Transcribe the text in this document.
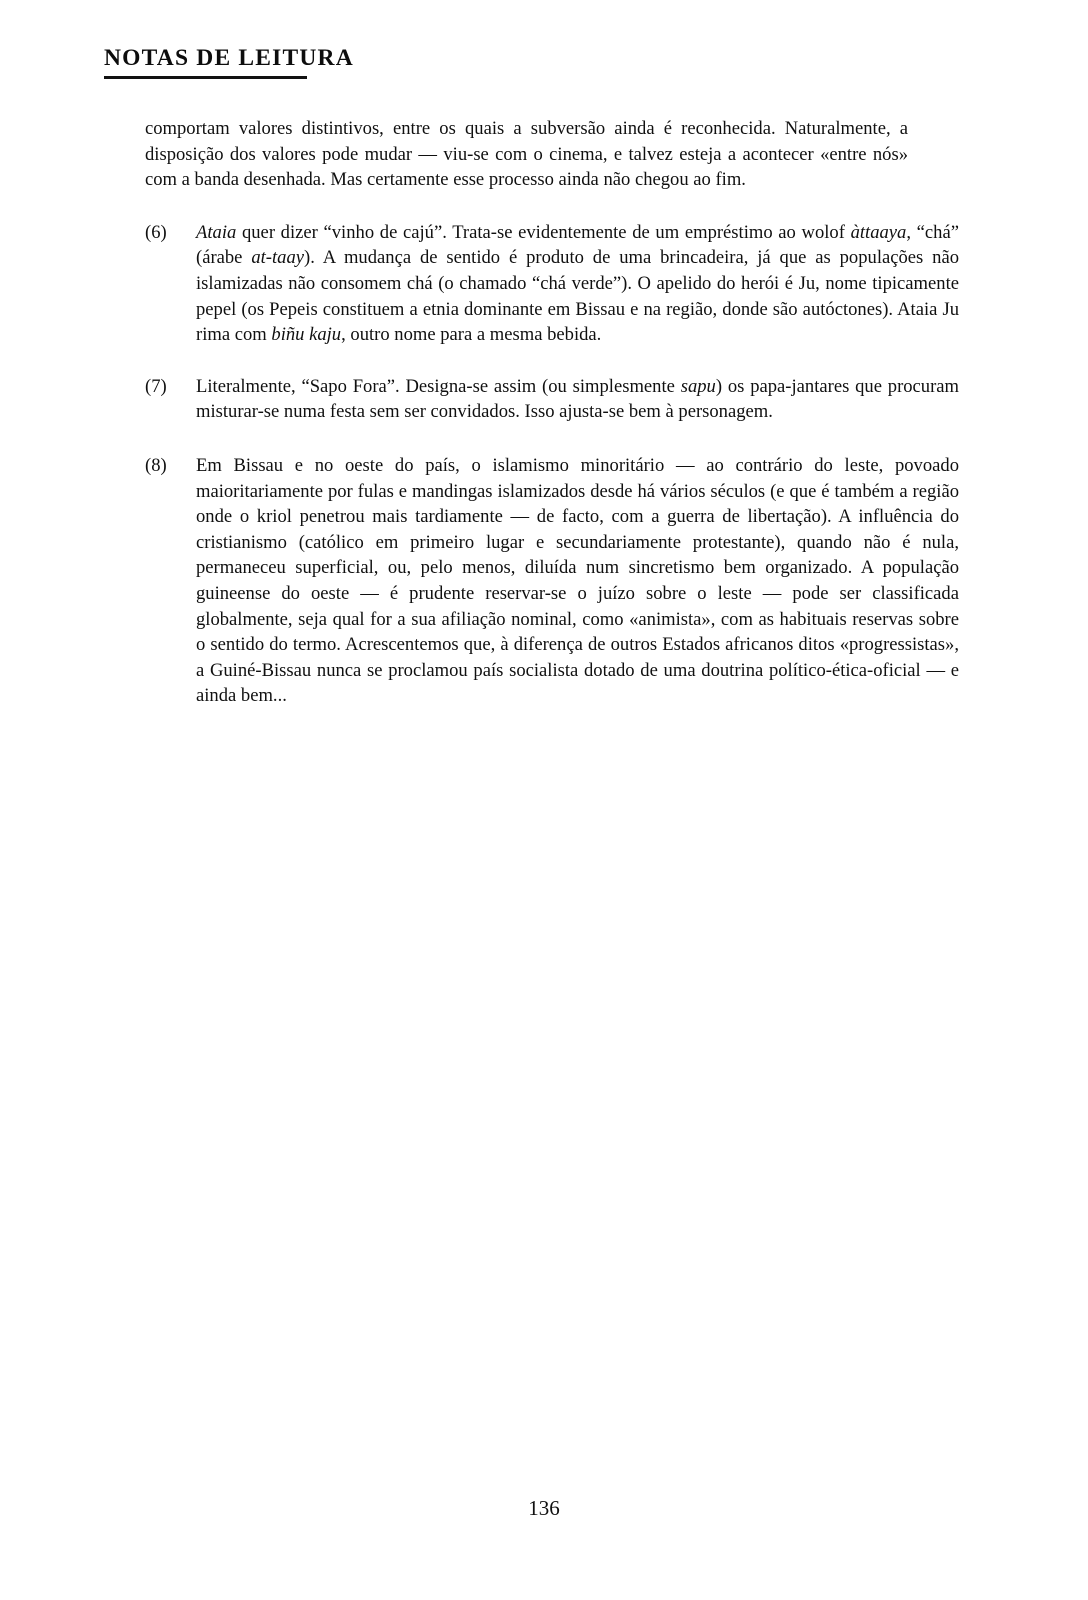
NOTAS DE LEITURA

comportam valores distintivos, entre os quais a subversão ainda é reconhecida. Naturalmente, a disposição dos valores pode mudar — viu-se com o cinema, e talvez esteja a acontecer «entre nós» com a banda desenhada. Mas certamente esse processo ainda não chegou ao fim.

(6)	Ataia quer dizer “vinho de cajú”. Trata-se evidentemente de um empréstimo ao wolof àttaaya, “chá” (árabe at-taay). A mudança de sentido é produto de uma brincadeira, já que as populações não islamizadas não consomem chá (o chamado “chá verde”). O apelido do herói é Ju, nome tipicamente pepel (os Pepeis constituem a etnia dominante em Bissau e na região, donde são autóctones). Ataia Ju rima com biñu kaju, outro nome para a mesma bebida.

(7)	Literalmente, “Sapo Fora”. Designa-se assim (ou simplesmente sapu) os papa-jantares que procuram misturar-se numa festa sem ser convidados. Isso ajusta-se bem à personagem.

(8)	Em Bissau e no oeste do país, o islamismo minoritário — ao contrário do leste, povoado maioritariamente por fulas e mandingas islamizados desde há vários séculos (e que é também a região onde o kriol penetrou mais tardiamente — de facto, com a guerra de libertação). A influência do cristianismo (católico em primeiro lugar e secundariamente protestante), quando não é nula, permaneceu superficial, ou, pelo menos, diluída num sincretismo bem organizado. A população guineense do oeste — é prudente reservar-se o juízo sobre o leste — pode ser classificada globalmente, seja qual for a sua afiliação nominal, como «animista», com as habituais reservas sobre o sentido do termo. Acrescentemos que, à diferença de outros Estados africanos ditos «progressistas», a Guiné-Bissau nunca se proclamou país socialista dotado de uma doutrina político-ética-oficial — e ainda bem...

136
